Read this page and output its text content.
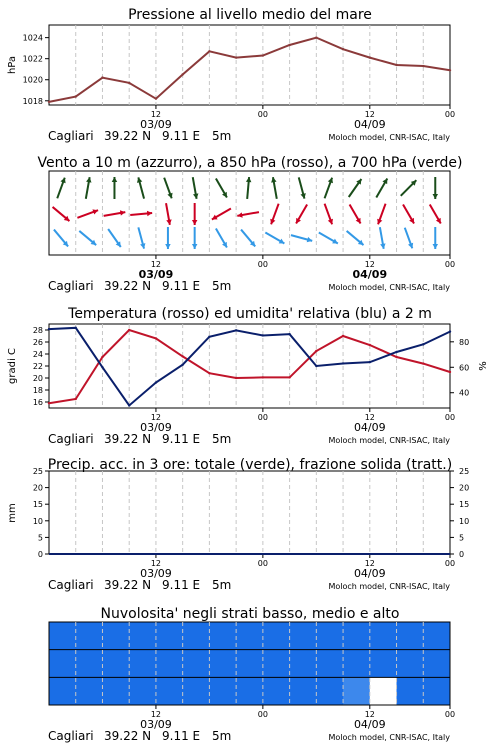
Pressione al livello medio del mare
12	00	12	00
03/09	04/09
Cagliari 39.22 N 9.11 E 5m	Moloch model, CNR-ISAC, Italy
1024
1022
1020
1018
hPa
Vento a 10 m (azzurro), a 850 hPa (rosso), a 700 hPa (verde)
12	00	12	00
03/09	04/09
Cagliari 39.22 N 9.11 E 5m	Moloch model, CNR-ISAC, Italy
Temperatura (rosso) ed umidita' relativa (blu) a 2 m
12	00	12	00
03/09	04/09
Cagliari 39.22 N 9.11 E 5m	Moloch model, CNR-ISAC, Italy
28
26
24
22
20
18
16
80
60
40
gradi C	%
Precip. acc. in 3 ore: totale (verde), frazione solida (tratt.)
12	00	12	00
03/09	04/09
Cagliari 39.22 N 9.11 E 5m	Moloch model, CNR-ISAC, Italy
25	25
20	20
15	15
10	10
5	5
0	0
mm
Nuvolosita' negli strati basso, medio e alto
12	00	12	00
03/09	04/09
Cagliari 39.22 N 9.11 E 5m	Moloch model, CNR-ISAC, Italy
